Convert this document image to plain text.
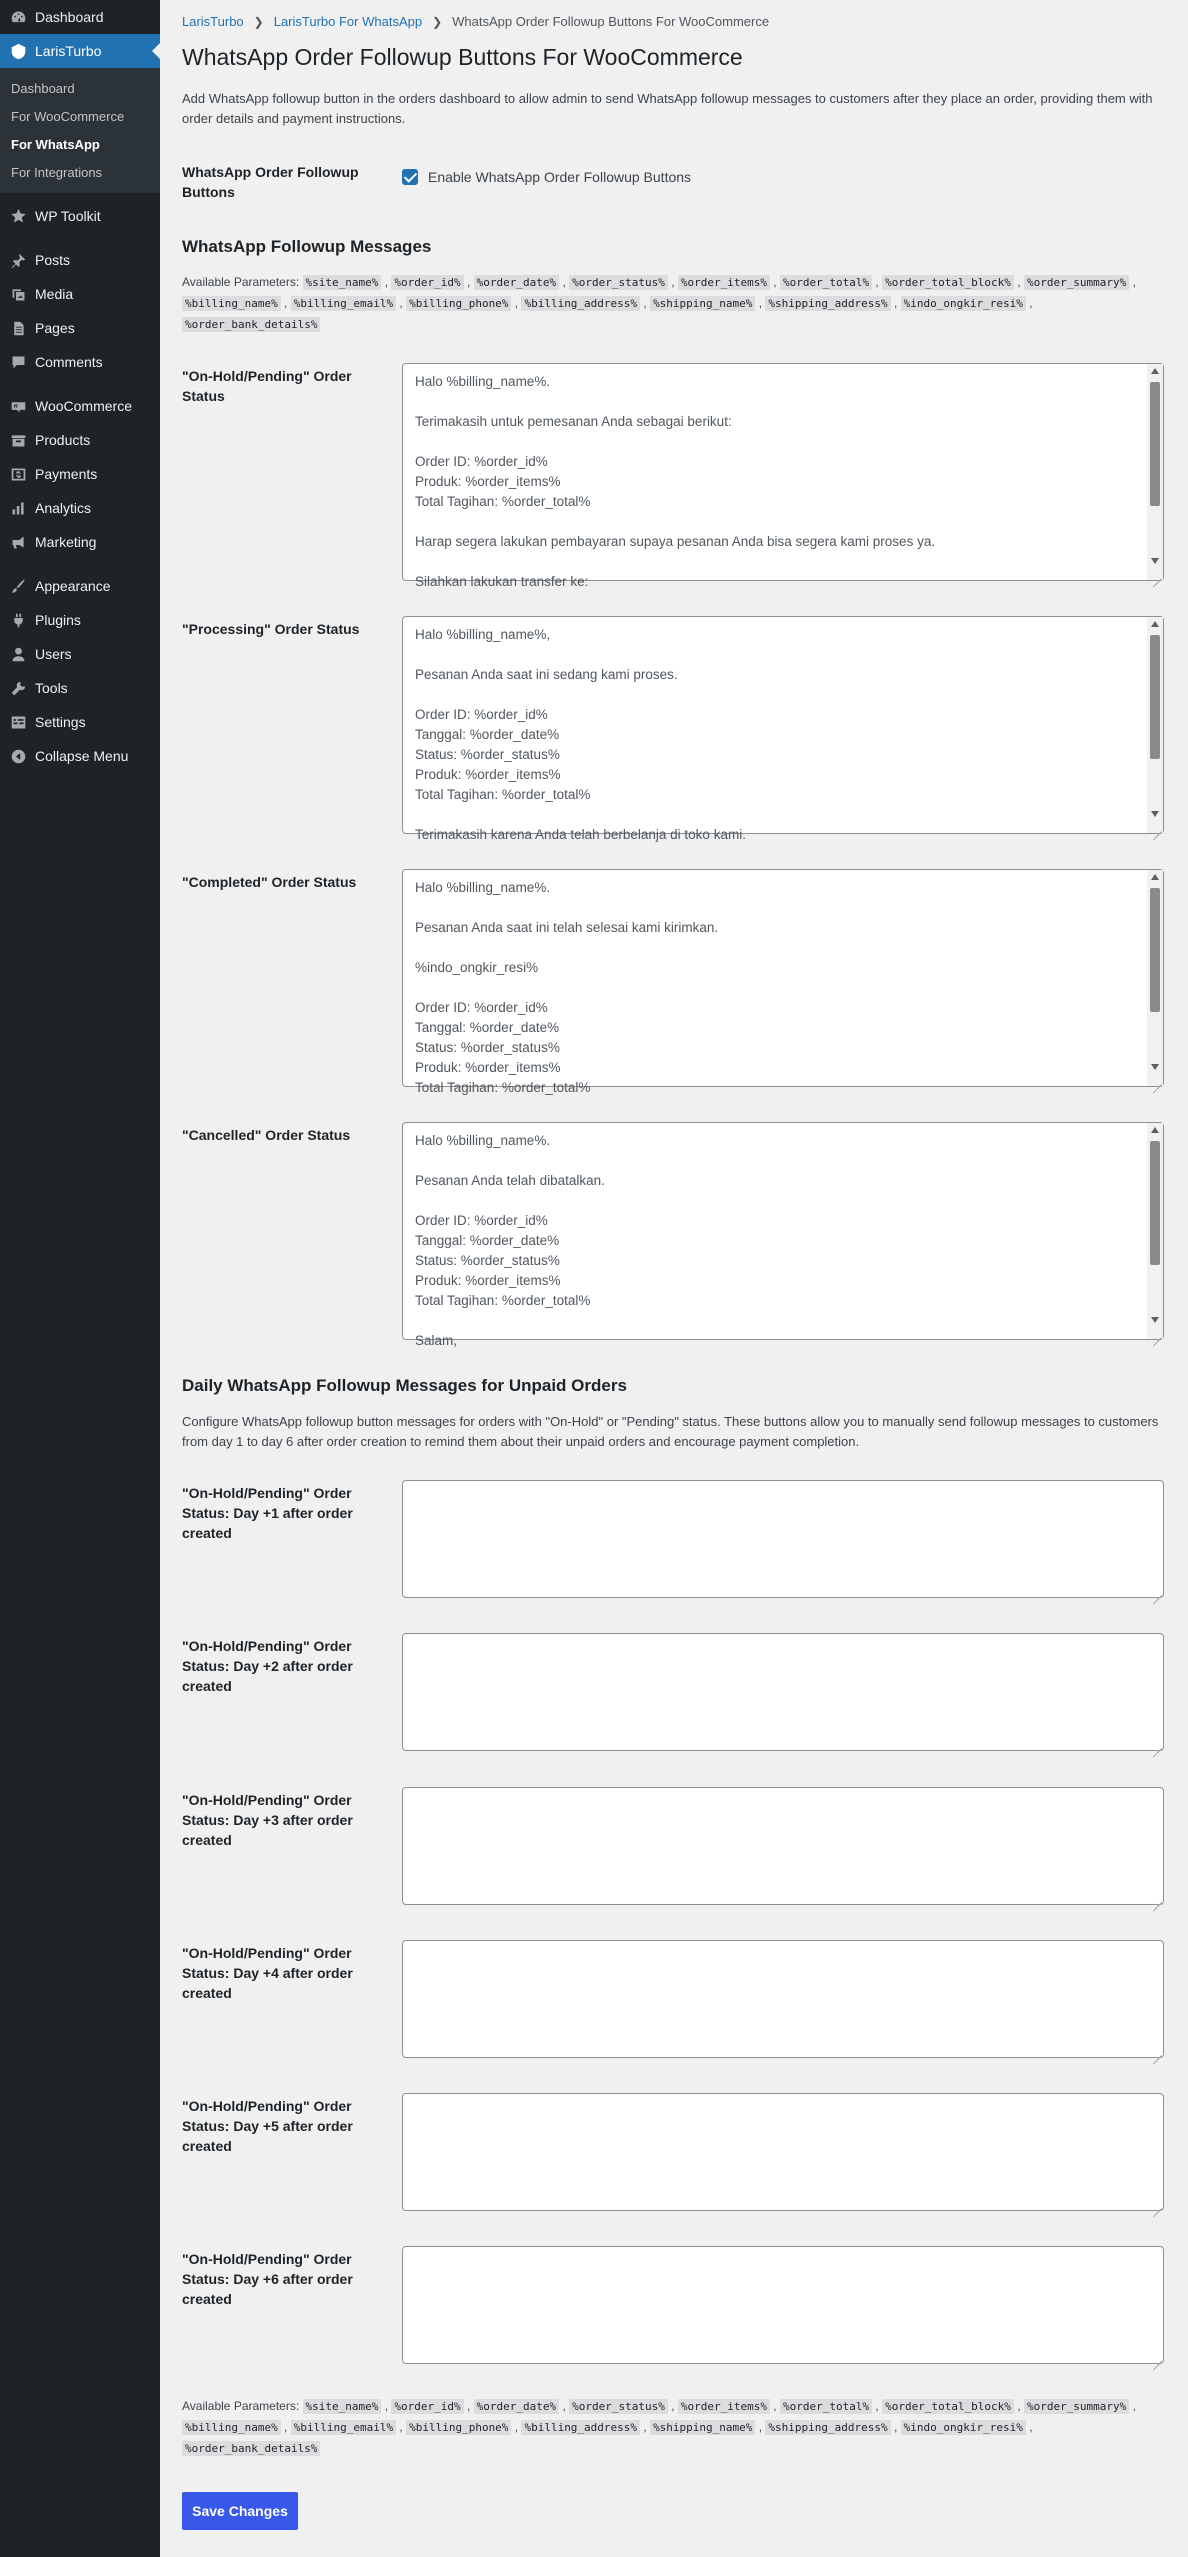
Dashboard
LarisTurbo
Dashboard
For WooCommerce
For WhatsApp
For Integrations
WP Toolkit
Posts
Media
Pages
Comments
WooCommerce
Products
Payments
Analytics
Marketing
Appearance
Plugins
Users
Tools
Settings
Collapse Menu
LarisTurbo ❯ LarisTurbo For WhatsApp ❯ WhatsApp Order Followup Buttons For WooCommerce
WhatsApp Order Followup Buttons For WooCommerce

Add WhatsApp followup button in the orders dashboard to allow admin to send WhatsApp followup messages to customers after they place an order, providing them with order details and payment instructions.

WhatsApp Order Followup Buttons
Enable WhatsApp Order Followup Buttons
WhatsApp Followup Messages
Available Parameters: %site_name% , %order_id% , %order_date% , %order_status% , %order_items% , %order_total% , %order_total_block% , %order_summary% , %billing_name% , %billing_email% , %billing_phone% , %billing_address% , %shipping_name% , %shipping_address% , %indo_ongkir_resi% , %order_bank_details%
"On-Hold/Pending" Order Status
Halo %billing_name%.

Terimakasih untuk pemesanan Anda sebagai berikut:

Order ID: %order_id%
Produk: %order_items%
Total Tagihan: %order_total%

Harap segera lakukan pembayaran supaya pesanan Anda bisa segera kami proses ya.

Silahkan lakukan transfer ke:
"Processing" Order Status	Halo %billing_name%,

Pesanan Anda saat ini sedang kami proses.

Order ID: %order_id%
Tanggal: %order_date%
Status: %order_status%
Produk: %order_items%
Total Tagihan: %order_total%

Terimakasih karena Anda telah berbelanja di toko kami.
"Completed" Order Status	Halo %billing_name%.

Pesanan Anda saat ini telah selesai kami kirimkan.

%indo_ongkir_resi%

Order ID: %order_id%
Tanggal: %order_date%
Status: %order_status%
Produk: %order_items%
Total Tagihan: %order_total%
"Cancelled" Order Status	Halo %billing_name%.

Pesanan Anda telah dibatalkan.

Order ID: %order_id%
Tanggal: %order_date%
Status: %order_status%
Produk: %order_items%
Total Tagihan: %order_total%

Salam,
Daily WhatsApp Followup Messages for Unpaid Orders

Configure WhatsApp followup button messages for orders with "On-Hold" or "Pending" status. These buttons allow you to manually send followup messages to customers from day 1 to day 6 after order creation to remind them about their unpaid orders and encourage payment completion.

"On-Hold/Pending" Order Status: Day +1 after order created
"On-Hold/Pending" Order Status: Day +2 after order created
"On-Hold/Pending" Order Status: Day +3 after order created
"On-Hold/Pending" Order Status: Day +4 after order created
"On-Hold/Pending" Order Status: Day +5 after order created
"On-Hold/Pending" Order Status: Day +6 after order created
Available Parameters: %site_name% , %order_id% , %order_date% , %order_status% , %order_items% , %order_total% , %order_total_block% , %order_summary% , %billing_name% , %billing_email% , %billing_phone% , %billing_address% , %shipping_name% , %shipping_address% , %indo_ongkir_resi% , %order_bank_details%
Save Changes
